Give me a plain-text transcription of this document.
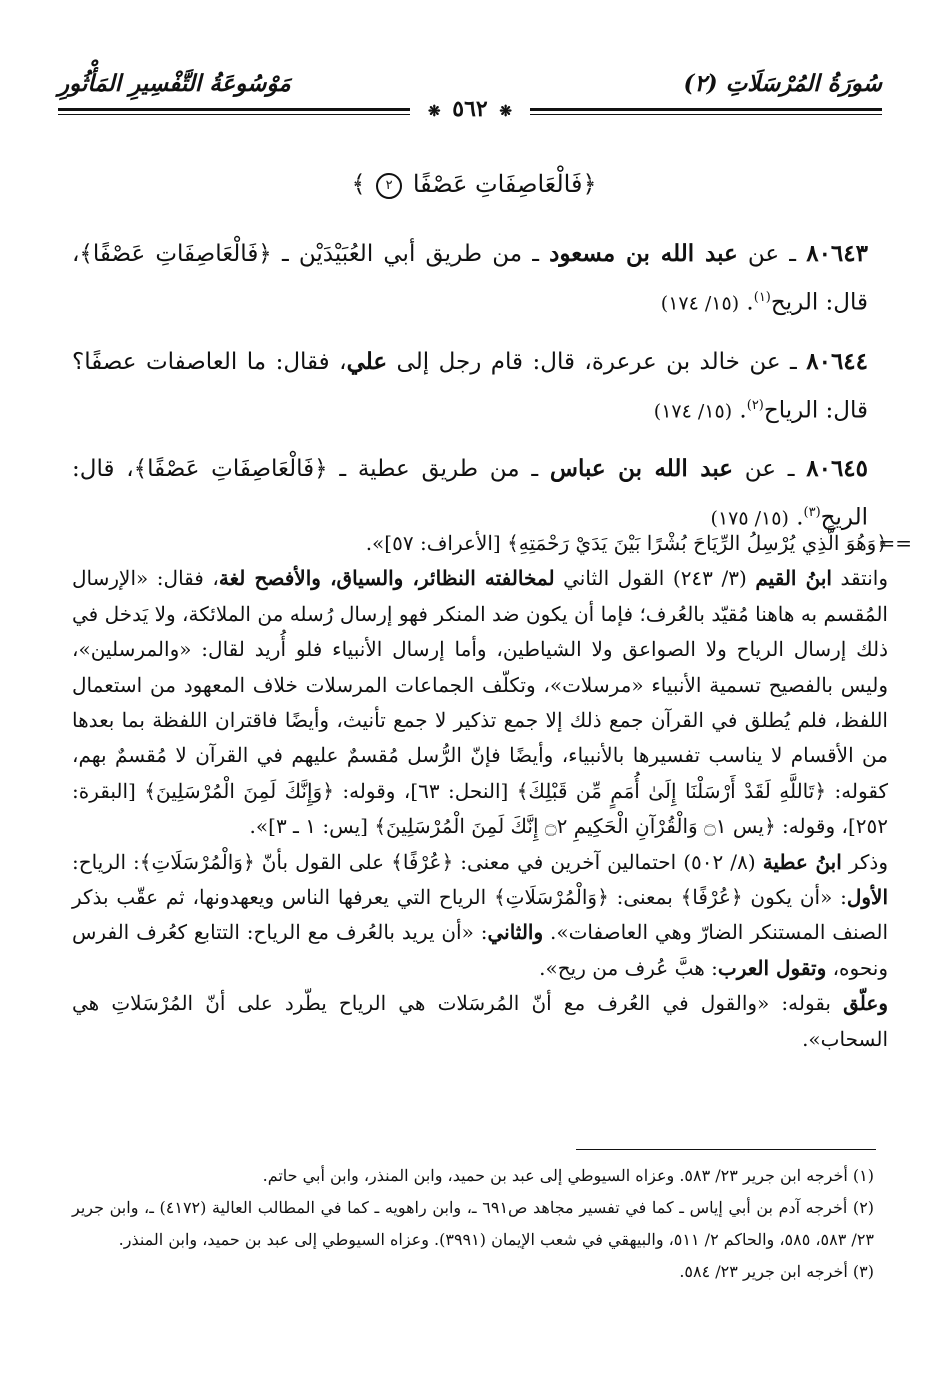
سُورَةُ المُرْسَلَاتِ (٢)
مَوْسُوعَةُ التَّفْسِيرِ المَأْثُورِ
❋ ٥٦٢ ❋
﴿فَالْعَاصِفَاتِ عَصْفًا ٢ ﴾
٨٠٦٤٣ ـ عن عبد الله بن مسعود ـ من طريق أبي العُبَيْدَيْن ـ ﴿فَالْعَاصِفَاتِ عَصْفًا﴾، قال: الريح$^{(١)}$. (١٥/ ١٧٤)
٨٠٦٤٤ ـ عن خالد بن عرعرة، قال: قام رجل إلى علي، فقال: ما العاصفات عصفًا؟ قال: الرياح$^{(٢)}$. (١٥/ ١٧٤)
٨٠٦٤٥ ـ عن عبد الله بن عباس ـ من طريق عطية ـ ﴿فَالْعَاصِفَاتِ عَصْفًا﴾، قال: الريح$^{(٣)}$. (١٥/ ١٧٥)
==

﴿وَهُوَ الَّذِي يُرْسِلُ الرِّيَاحَ بُشْرًا بَيْنَ يَدَيْ رَحْمَتِهِ﴾ [الأعراف: ٥٧]».

وانتقد ابنُ القيم (٣/ ٢٤٣) القول الثاني لمخالفته النظائر، والسياق، والأفصح لغة، فقال: «الإرسال المُقسم به هاهنا مُقيّد بالعُرف؛ فإما أن يكون ضد المنكر فهو إرسال رُسله من الملائكة، ولا يَدخل في ذلك إرسال الرياح ولا الصواعق ولا الشياطين، وأما إرسال الأنبياء فلو أُريد لقال: «والمرسلين»، وليس بالفصيح تسمية الأنبياء «مرسلات»، وتكلّف الجماعات المرسلات خلاف المعهود من استعمال اللفظ، فلم يُطلق في القرآن جمع ذلك إلا جمع تذكير لا جمع تأنيث، وأيضًا فاقتران اللفظة بما بعدها من الأقسام لا يناسب تفسيرها بالأنبياء، وأيضًا فإنّ الرُّسل مُقسمٌ عليهم في القرآن لا مُقسمٌ بهم، كقوله: ﴿تَاللَّهِ لَقَدْ أَرْسَلْنَا إِلَىٰ أُمَمٍ مِّن قَبْلِكَ﴾ [النحل: ٦٣]، وقوله: ﴿وَإِنَّكَ لَمِنَ الْمُرْسَلِينَ﴾ [البقرة: ٢٥٢]، وقوله: ﴿يس ۝١ وَالْقُرْآنِ الْحَكِيمِ ۝٢ إِنَّكَ لَمِنَ الْمُرْسَلِينَ﴾ [يس: ١ ـ ٣]».

وذكر ابنُ عطية (٨/ ٥٠٢) احتمالين آخرين في معنى: ﴿عُرْفًا﴾ على القول بأنّ ﴿وَالْمُرْسَلَاتِ﴾: الرياح: الأول: «أن يكون ﴿عُرْفًا﴾ بمعنى: ﴿وَالْمُرْسَلَاتِ﴾ الرياح التي يعرفها الناس ويعهدونها، ثم عقّب بذكر الصنف المستنكر الضارّ وهي العاصفات». والثاني: «أن يريد بالعُرف مع الرياح: التتابع كعُرف الفرس ونحوه، وتقول العرب: هبَّ عُرف من ريح».

وعلّق بقوله: «والقول في العُرف مع أنّ المُرسَلات هي الرياح يطّرد على أنّ المُرْسَلاتِ هي السحاب».

(١) أخرجه ابن جرير ٢٣/ ٥٨٣. وعزاه السيوطي إلى عبد بن حميد، وابن المنذر، وابن أبي حاتم.

(٢) أخرجه آدم بن أبي إياس ـ كما في تفسير مجاهد ص٦٩١ ـ، وابن راهويه ـ كما في المطالب العالية (٤١٧٢) ـ، وابن جرير ٢٣/ ٥٨٣، ٥٨٥، والحاكم ٢/ ٥١١، والبيهقي في شعب الإيمان (٣٩٩١). وعزاه السيوطي إلى عبد بن حميد، وابن المنذر.

(٣) أخرجه ابن جرير ٢٣/ ٥٨٤.
